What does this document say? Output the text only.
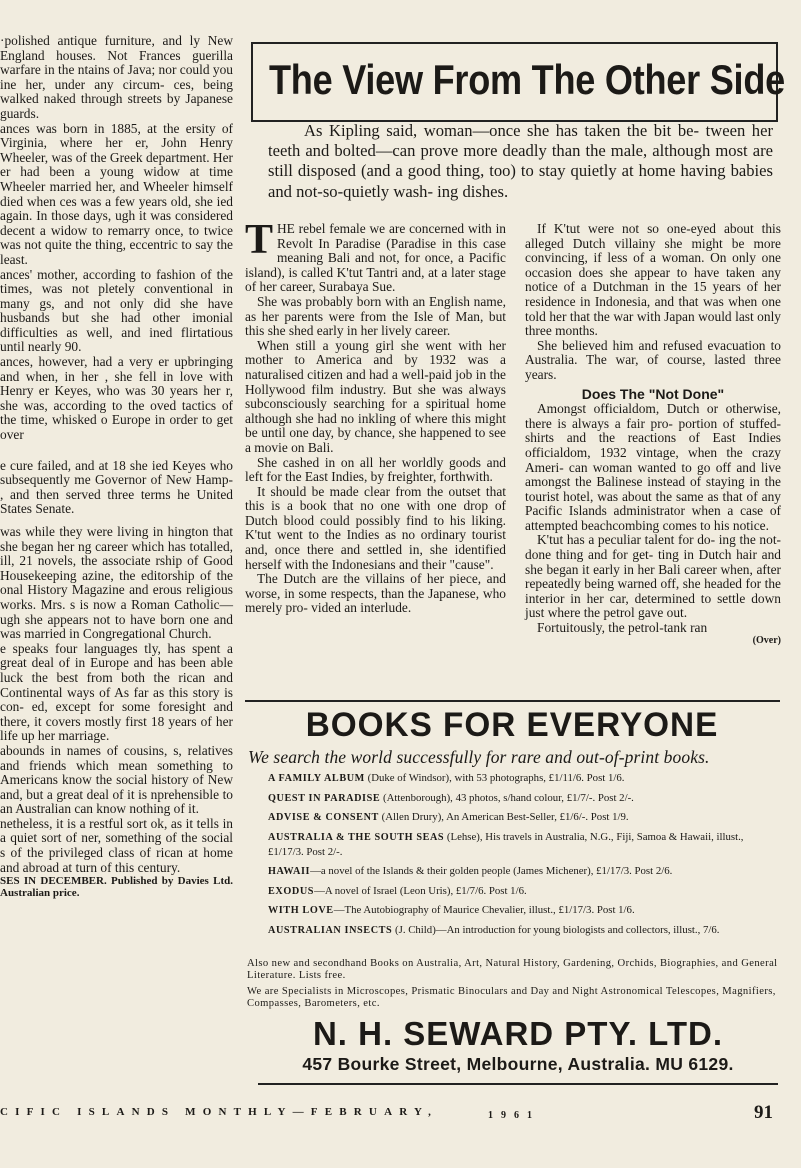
·polished antique furniture, and ly New England houses. Not Frances guerilla warfare in the ntains of Java; nor could you ine her, under any circum- ces, being walked naked through streets by Japanese guards.

ances was born in 1885, at the ersity of Virginia, where her er, John Henry Wheeler, was of the Greek department. Her er had been a young widow at time Wheeler married her, and Wheeler himself died when ces was a few years old, she ied again. In those days, ugh it was considered decent a widow to remarry once, to twice was not quite the thing, eccentric to say the least.

ances' mother, according to fashion of the times, was not pletely conventional in many gs, and not only did she have husbands but she had other imonial difficulties as well, and ined flirtatious until nearly 90.

ances, however, had a very er upbringing and when, in her , she fell in love with Henry er Keyes, who was 30 years her r, she was, according to the oved tactics of the time, whisked o Europe in order to get over

e cure failed, and at 18 she ied Keyes who subsequently me Governor of New Hamp- , and then served three terms he United States Senate.

was while they were living in hington that she began her ng career which has totalled, ill, 21 novels, the associate rship of Good Housekeeping azine, the editorship of the onal History Magazine and erous religious works. Mrs. s is now a Roman Catholic— ugh she appears not to have born one and was married in Congregational Church.

e speaks four languages tly, has spent a great deal of in Europe and has been able luck the best from both the rican and Continental ways of As far as this story is con- ed, except for some foresight and there, it covers mostly first 18 years of her life up her marriage.

abounds in names of cousins, s, relatives and friends which mean something to Americans know the social history of New and, but a great deal of it is nprehensible to an Australian can know nothing of it.

netheless, it is a restful sort ok, as it tells in a quiet sort of ner, something of the social s of the privileged class of rican at home and abroad at turn of this century.

SES IN DECEMBER. Published by Davies Ltd. Australian price.

The View From The Other Side
As Kipling said, woman—once she has taken the bit be- tween her teeth and bolted—can prove more deadly than the male, although most are still disposed (and a good thing, too) to stay quietly at home having babies and not-so-quietly wash- ing dishes.

THE rebel female we are concerned with in Revolt In Paradise (Paradise in this case meaning Bali and not, for once, a Pacific island), is called K'tut Tantri and, at a later stage of her career, Surabaya Sue.

She was probably born with an English name, as her parents were from the Isle of Man, but this she shed early in her lively career.

When still a young girl she went with her mother to America and by 1932 was a naturalised citizen and had a well-paid job in the Hollywood film industry. But she was always subconsciously searching for a spiritual home although she had no inkling of where this might be until one day, by chance, she happened to see a movie on Bali.

She cashed in on all her worldly goods and left for the East Indies, by freighter, forthwith.

It should be made clear from the outset that this is a book that no one with one drop of Dutch blood could possibly find to his liking. K'tut went to the Indies as no ordinary tourist and, once there and settled in, she identified herself with the Indonesians and their "cause".

The Dutch are the villains of her piece, and worse, in some respects, than the Japanese, who merely pro- vided an interlude.

If K'tut were not so one-eyed about this alleged Dutch villainy she might be more convincing, if less of a woman. On only one occasion does she appear to have taken any notice of a Dutchman in the 15 years of her residence in Indonesia, and that was when one told her that the war with Japan would last only three months.

She believed him and refused evacuation to Australia. The war, of course, lasted three years.

Does The "Not Done"

Amongst officialdom, Dutch or otherwise, there is always a fair pro- portion of stuffed-shirts and the reactions of East Indies officialdom, 1932 vintage, when the crazy Ameri- can woman wanted to go off and live amongst the Balinese instead of staying in the tourist hotel, was about the same as that of any Pacific Islands administrator when a case of attempted beachcombing comes to his notice.

K'tut has a peculiar talent for do- ing the not-done thing and for get- ting in Dutch hair and she began it early in her Bali career when, after repeatedly being warned off, she headed for the interior in her car, determined to settle down just where the petrol gave out.

Fortuitously, the petrol-tank ran

(Over)
BOOKS FOR EVERYONE
We search the world successfully for rare and out-of-print books.
A FAMILY ALBUM (Duke of Windsor), with 53 photographs, £1/11/6. Post 1/6.
QUEST IN PARADISE (Attenborough), 43 photos, s/hand colour, £1/7/-. Post 2/-.
ADVISE & CONSENT (Allen Drury), An American Best-Seller, £1/6/-. Post 1/9.
AUSTRALIA & THE SOUTH SEAS (Lehse), His travels in Australia, N.G., Fiji, Samoa & Hawaii, illust., £1/17/3. Post 2/-.
HAWAII—a novel of the Islands & their golden people (James Michener), £1/17/3. Post 2/6.
EXODUS—A novel of Israel (Leon Uris), £1/7/6. Post 1/6.
WITH LOVE—The Autobiography of Maurice Chevalier, illust., £1/17/3. Post 1/6.
AUSTRALIAN INSECTS (J. Child)—An introduction for young biologists and collectors, illust., 7/6.
Also new and secondhand Books on Australia, Art, Natural History, Gardening, Orchids, Biographies, and General Literature. Lists free.
We are Specialists in Microscopes, Prismatic Binoculars and Day and Night Astronomical Telescopes, Magnifiers, Compasses, Barometers, etc.
N. H. SEWARD PTY. LTD.
457 Bourke Street, Melbourne, Australia. MU 6129.
CIFIC ISLANDS MONTHLY—FEBRUARY,	1961	91
